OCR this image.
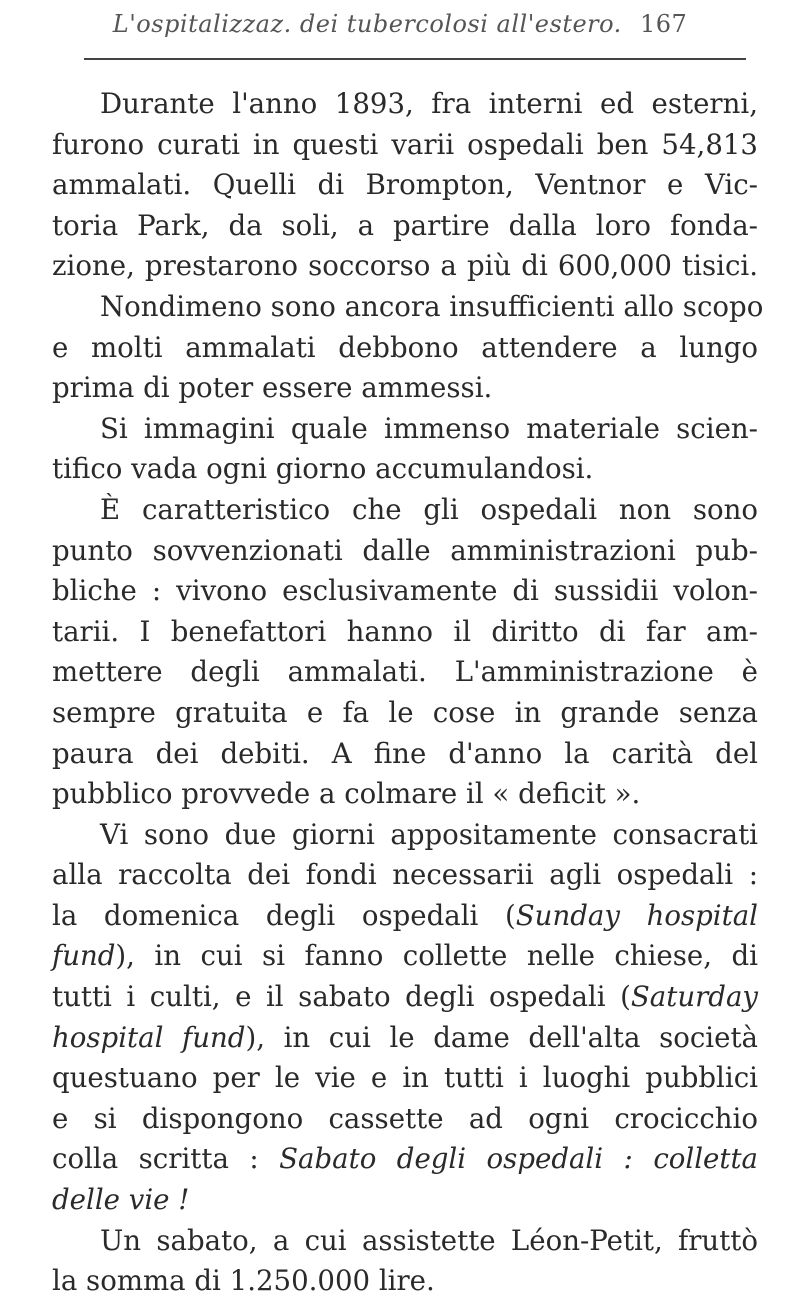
L'ospitalizzaz. dei tubercolosi all'estero. 167
Durante l'anno 1893, fra interni ed esterni,
furono curati in questi varii ospedali ben 54,813
ammalati. Quelli di Brompton, Ventnor e Vic-
toria Park, da soli, a partire dalla loro fonda-
zione, prestarono soccorso a più di 600,000 tisici.
Nondimeno sono ancora insufficienti allo scopo
e molti ammalati debbono attendere a lungo
prima di poter essere ammessi.
Si immagini quale immenso materiale scien-
tifico vada ogni giorno accumulandosi.
È caratteristico che gli ospedali non sono
punto sovvenzionati dalle amministrazioni pub-
bliche : vivono esclusivamente di sussidii volon-
tarii. I benefattori hanno il diritto di far am-
mettere degli ammalati. L'amministrazione è
sempre gratuita e fa le cose in grande senza
paura dei debiti. A fine d'anno la carità del
pubblico provvede a colmare il « deficit ».
Vi sono due giorni appositamente consacrati
alla raccolta dei fondi necessarii agli ospedali :
la domenica degli ospedali (Sunday hospital
fund), in cui si fanno collette nelle chiese, di
tutti i culti, e il sabato degli ospedali (Saturday
hospital fund), in cui le dame dell'alta società
questuano per le vie e in tutti i luoghi pubblici
e si dispongono cassette ad ogni crocicchio
colla scritta : Sabato degli ospedali : colletta
delle vie !
Un sabato, a cui assistette Léon-Petit, fruttò
la somma di 1.250.000 lire.
